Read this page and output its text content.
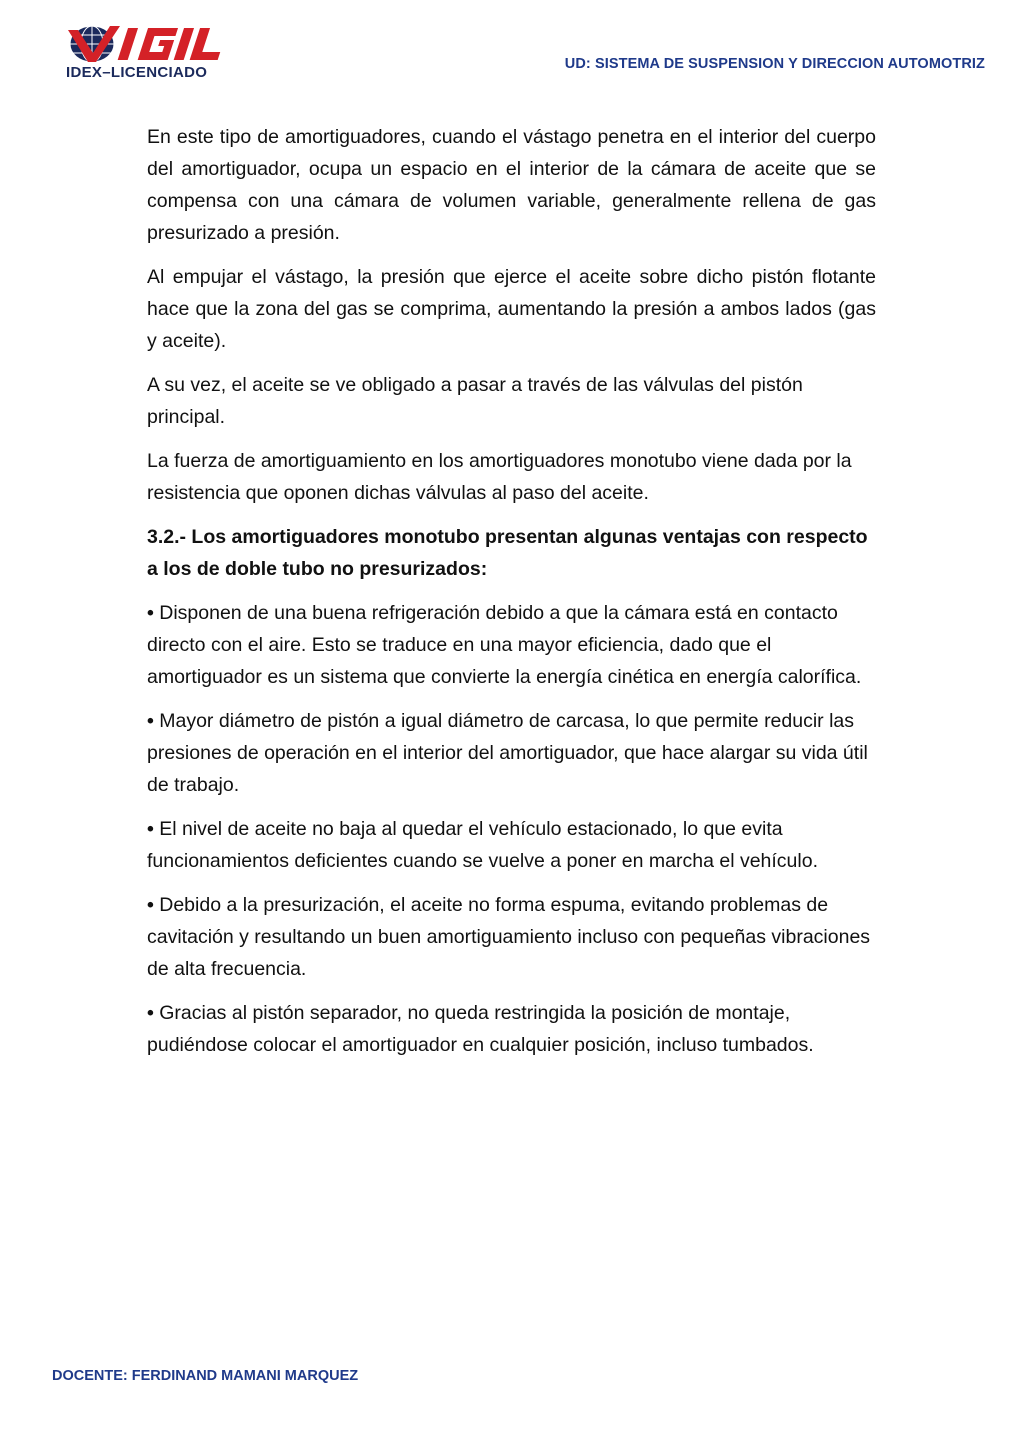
IDEX–LICENCIADO	UD: SISTEMA DE SUSPENSION Y DIRECCION AUTOMOTRIZ

En este tipo de amortiguadores, cuando el vástago penetra en el interior del cuerpo del amortiguador, ocupa un espacio en el interior de la cámara de aceite que se compensa con una cámara de volumen variable, generalmente rellena de gas presurizado a presión.

Al empujar el vástago, la presión que ejerce el aceite sobre dicho pistón flotante hace que la zona del gas se comprima, aumentando la presión a ambos lados (gas y aceite).

A su vez, el aceite se ve obligado a pasar a través de las válvulas del pistón principal.

La fuerza de amortiguamiento en los amortiguadores monotubo viene dada por la resistencia que oponen dichas válvulas al paso del aceite.

3.2.- Los amortiguadores monotubo presentan algunas ventajas con respecto a los de doble tubo no presurizados:

• Disponen de una buena refrigeración debido a que la cámara está en contacto directo con el aire. Esto se traduce en una mayor eficiencia, dado que el amortiguador es un sistema que convierte la energía cinética en energía calorífica.

• Mayor diámetro de pistón a igual diámetro de carcasa, lo que permite reducir las presiones de operación en el interior del amortiguador, que hace alargar su vida útil de trabajo.

• El nivel de aceite no baja al quedar el vehículo estacionado, lo que evita funcionamientos deficientes cuando se vuelve a poner en marcha el vehículo.

• Debido a la presurización, el aceite no forma espuma, evitando problemas de cavitación y resultando un buen amortiguamiento incluso con pequeñas vibraciones de alta frecuencia.

• Gracias al pistón separador, no queda restringida la posición de montaje, pudiéndose colocar el amortiguador en cualquier posición, incluso tumbados.

DOCENTE: FERDINAND MAMANI MARQUEZ
